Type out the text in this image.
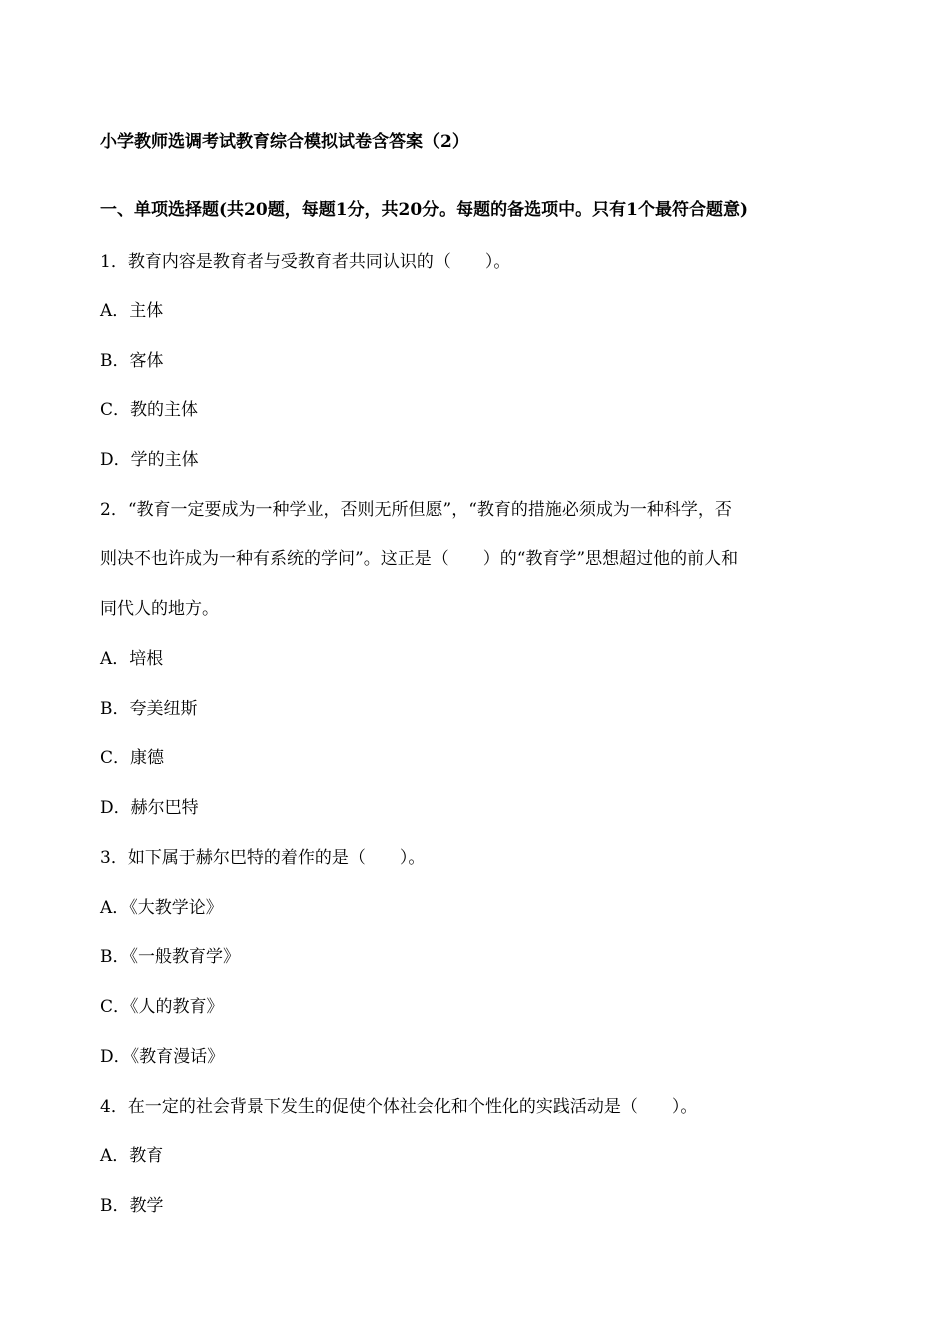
小学教师选调考试教育综合模拟试卷含答案（2）
一、单项选择题(共20题，每题1分，共20分。每题的备选项中。只有1个最符合题意)
1．教育内容是教育者与受教育者共同认识的（　　）。
A．主体
B．客体
C．教的主体
D．学的主体
2．“教育一定要成为一种学业，否则无所但愿”，“教育的措施必须成为一种科学，否
则决不也许成为一种有系统的学问”。这正是（　　）的“教育学”思想超过他的前人和
同代人的地方。
A．培根
B．夸美纽斯
C．康德
D．赫尔巴特
3．如下属于赫尔巴特的着作的是（　　）。
A．《大教学论》
B．《一般教育学》
C．《人的教育》
D．《教育漫话》
4．在一定的社会背景下发生的促使个体社会化和个性化的实践活动是（　　）。
A．教育
B．教学
